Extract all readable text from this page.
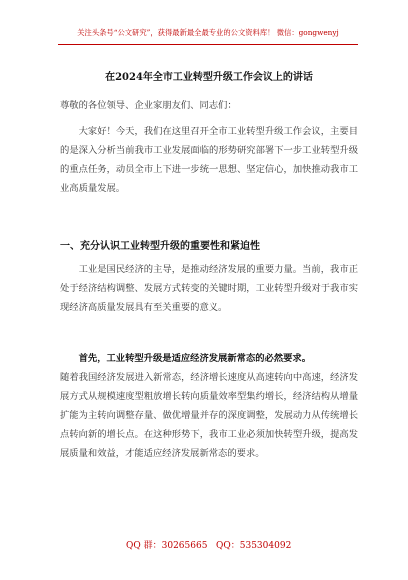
关注头条号“公文研究”，获得最新最全最专业的公文资料库！ 微信：gongwenyj
在2024年全市工业转型升级工作会议上的讲话
尊敬的各位领导、企业家朋友们、同志们：
大家好！今天，我们在这里召开全市工业转型升级工作会议，主要目的是深入分析当前我市工业发展面临的形势研究部署下一步工业转型升级的重点任务，动员全市上下进一步统一思想、坚定信心，加快推动我市工业高质量发展。
一、充分认识工业转型升级的重要性和紧迫性
工业是国民经济的主导，是推动经济发展的重要力量。当前，我市正处于经济结构调整、发展方式转变的关键时期，工业转型升级对于我市实现经济高质量发展具有至关重要的意义。
首先，工业转型升级是适应经济发展新常态的必然要求。
随着我国经济发展进入新常态，经济增长速度从高速转向中高速，经济发展方式从规模速度型粗放增长转向质量效率型集约增长，经济结构从增量扩能为主转向调整存量、做优增量并存的深度调整，发展动力从传统增长点转向新的增长点。在这种形势下，我市工业必须加快转型升级，提高发展质量和效益，才能适应经济发展新常态的要求。
QQ 群：30265665 QQ：535304092
